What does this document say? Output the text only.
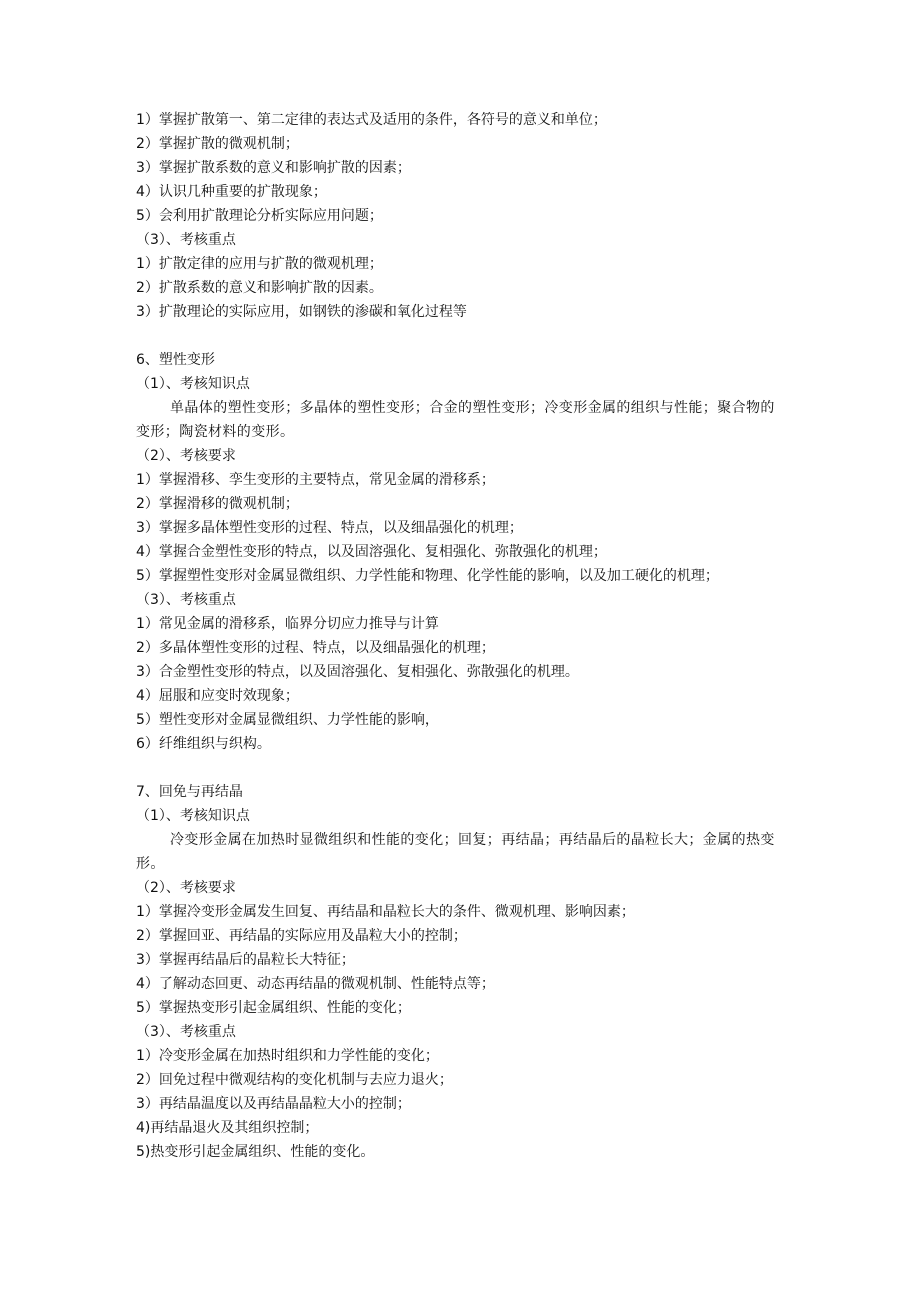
1）掌握扩散第一、第二定律的表达式及适用的条件，各符号的意义和单位；
2）掌握扩散的微观机制；
3）掌握扩散系数的意义和影响扩散的因素；
4）认识几种重要的扩散现象；
5）会利用扩散理论分析实际应用问题；
（3）、考核重点
1）扩散定律的应用与扩散的微观机理；
2）扩散系数的意义和影响扩散的因素。
3）扩散理论的实际应用，如钢铁的渗碳和氧化过程等
6、塑性变形
（1）、考核知识点
单晶体的塑性变形；多晶体的塑性变形；合金的塑性变形；冷变形金属的组织与性能；聚合物的变形；陶瓷材料的变形。
（2）、考核要求
1）掌握滑移、孪生变形的主要特点，常见金属的滑移系；
2）掌握滑移的微观机制；
3）掌握多晶体塑性变形的过程、特点，以及细晶强化的机理；
4）掌握合金塑性变形的特点，以及固溶强化、复相强化、弥散强化的机理；
5）掌握塑性变形对金属显微组织、力学性能和物理、化学性能的影响，以及加工硬化的机理；
（3）、考核重点
1）常见金属的滑移系，临界分切应力推导与计算
2）多晶体塑性变形的过程、特点，以及细晶强化的机理；
3）合金塑性变形的特点，以及固溶强化、复相强化、弥散强化的机理。
4）屈服和应变时效现象；
5）塑性变形对金属显微组织、力学性能的影响，
6）纤维组织与织构。
7、回免与再结晶
（1）、考核知识点
冷变形金属在加热时显微组织和性能的变化；回复；再结晶；再结晶后的晶粒长大；金属的热变形。
（2）、考核要求
1）掌握冷变形金属发生回复、再结晶和晶粒长大的条件、微观机理、影响因素；
2）掌握回亚、再结晶的实际应用及晶粒大小的控制；
3）掌握再结晶后的晶粒长大特征；
4）了解动态回更、动态再结晶的微观机制、性能特点等；
5）掌握热变形引起金属组织、性能的变化；
（3）、考核重点
1）冷变形金属在加热时组织和力学性能的变化；
2）回免过程中微观结构的变化机制与去应力退火；
3）再结晶温度以及再结晶晶粒大小的控制；
4)再结晶退火及其组织控制；
5)热变形引起金属组织、性能的变化。
